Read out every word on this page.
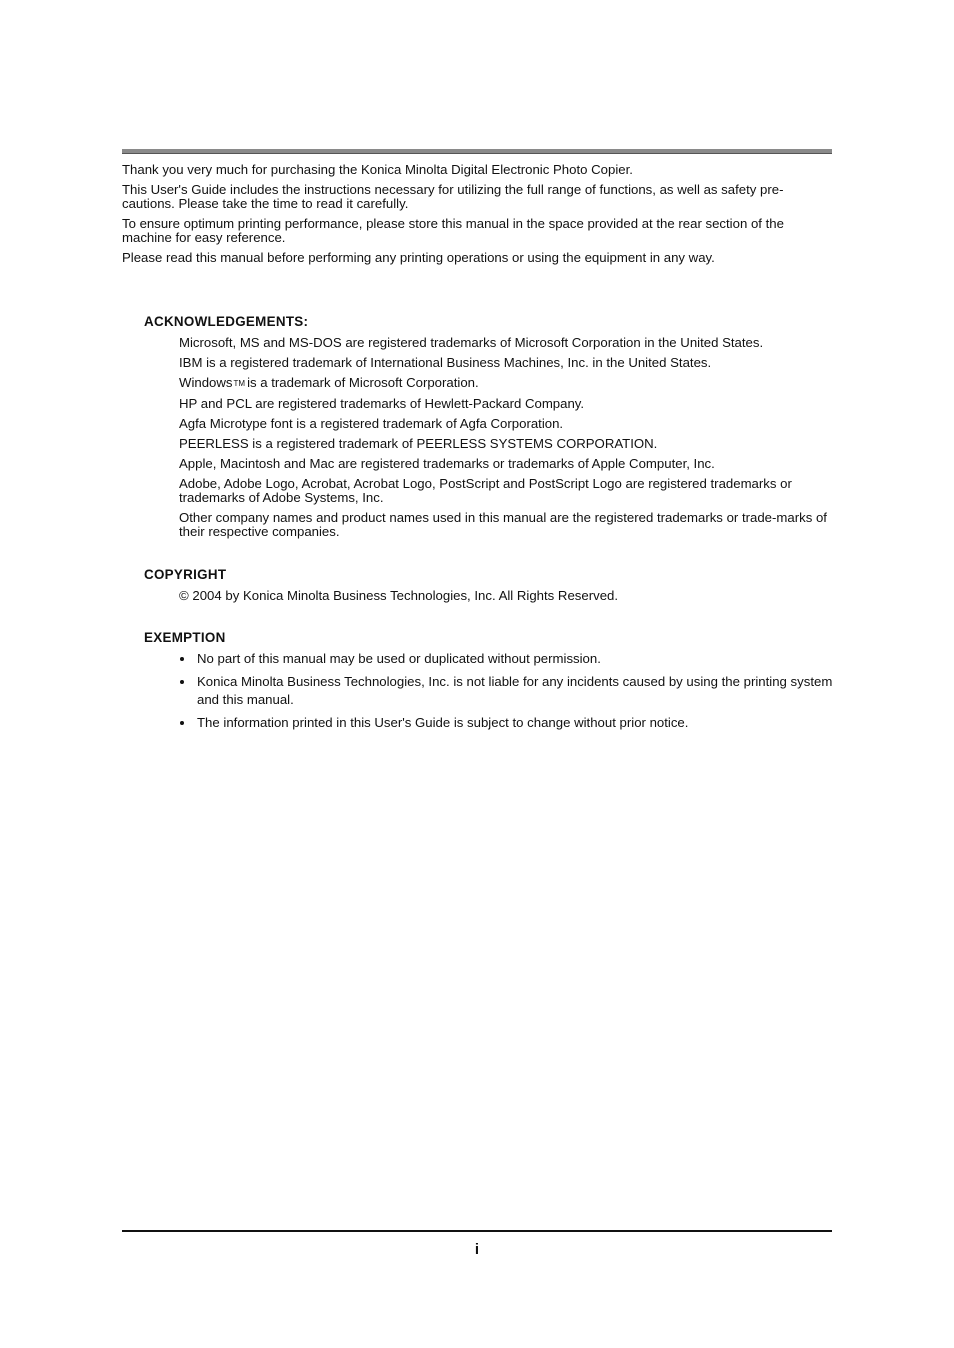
Thank you very much for purchasing the Konica Minolta Digital Electronic Photo Copier.

This User's Guide includes the instructions necessary for utilizing the full range of functions, as well as safety pre-cautions. Please take the time to read it carefully.

To ensure optimum printing performance, please store this manual in the space provided at the rear section of the machine for easy reference.

Please read this manual before performing any printing operations or using the equipment in any way.

ACKNOWLEDGEMENTS:

Microsoft, MS and MS-DOS are registered trademarks of Microsoft Corporation in the United States.

IBM is a registered trademark of International Business Machines, Inc. in the United States.

WindowsTM is a trademark of Microsoft Corporation.

HP and PCL are registered trademarks of Hewlett-Packard Company.

Agfa Microtype font is a registered trademark of Agfa Corporation.

PEERLESS is a registered trademark of PEERLESS SYSTEMS CORPORATION.

Apple, Macintosh and Mac are registered trademarks or trademarks of Apple Computer, Inc.

Adobe, Adobe Logo, Acrobat, Acrobat Logo, PostScript and PostScript Logo are registered trademarks or trademarks of Adobe Systems, Inc.

Other company names and product names used in this manual are the registered trademarks or trade-marks of their respective companies.

COPYRIGHT

© 2004 by Konica Minolta Business Technologies, Inc. All Rights Reserved.

EXEMPTION
No part of this manual may be used or duplicated without permission.
Konica Minolta Business Technologies, Inc. is not liable for any incidents caused by using the printing system and this manual.
The information printed in this User's Guide is subject to change without prior notice.
i
